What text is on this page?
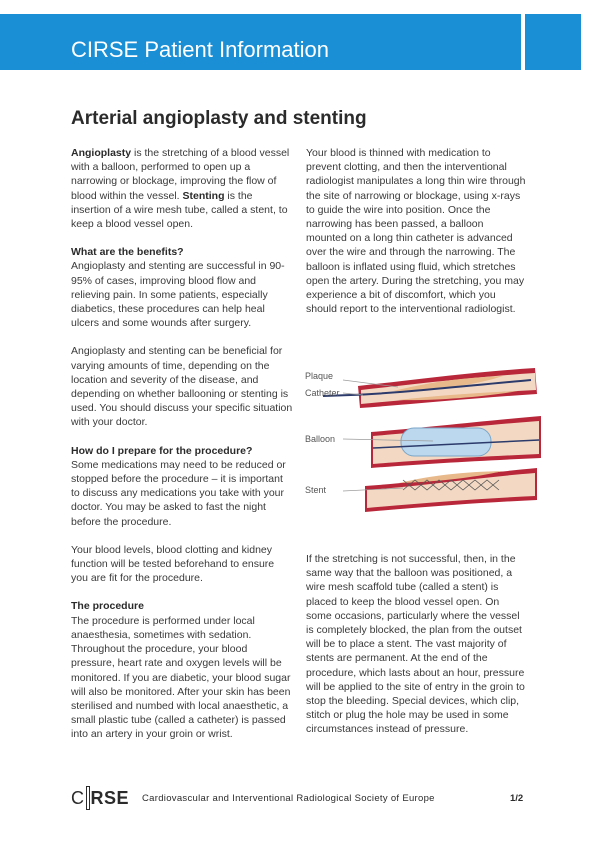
CIRSE Patient Information
Arterial angioplasty and stenting

Angioplasty is the stretching of a blood vessel with a balloon, performed to open up a narrowing or blockage, improving the flow of blood within the vessel. Stenting is the insertion of a wire mesh tube, called a stent, to keep a blood vessel open.

What are the benefits?

Angioplasty and stenting are successful in 90-95% of cases, improving blood flow and relieving pain. In some patients, especially diabetics, these procedures can help heal ulcers and some wounds after surgery.

Angioplasty and stenting can be beneficial for varying amounts of time, depending on the location and severity of the disease, and depending on whether ballooning or stenting is used. You should discuss your specific situation with your doctor.

How do I prepare for the procedure?

Some medications may need to be reduced or stopped before the procedure – it is important to discuss any medications you take with your doctor. You may be asked to fast the night before the procedure.

Your blood levels, blood clotting and kidney function will be tested beforehand to ensure you are fit for the procedure.

The procedure

The procedure is performed under local anaesthesia, sometimes with sedation. Throughout the procedure, your blood pressure, heart rate and oxygen levels will be monitored. If you are diabetic, your blood sugar will also be monitored. After your skin has been sterilised and numbed with local anaesthetic, a small plastic tube (called a catheter) is passed into an artery in your groin or wrist.

Your blood is thinned with medication to prevent clotting, and then the interventional radiologist manipulates a long thin wire through the site of narrowing or blockage, using x-rays to guide the wire into position. Once the narrowing has been passed, a balloon mounted on a long thin catheter is advanced over the wire and through the narrowing. The balloon is inflated using fluid, which stretches open the artery. During the stretching, you may experience a bit of discomfort, which you should report to the interventional radiologist.

Plaque
Catheter
Balloon
Stent

If the stretching is not successful, then, in the same way that the balloon was positioned, a wire mesh scaffold tube (called a stent) is placed to keep the blood vessel open. On some occasions, particularly where the vessel is completely blocked, the plan from the outset will be to place a stent. The vast majority of stents are permanent. At the end of the procedure, which lasts about an hour, pressure will be applied to the site of entry in the groin to stop the bleeding. Special devices, which clip, stitch or plug the hole may be used in some circumstances instead of pressure.

C RSE Cardiovascular and Interventional Radiological Society of Europe	1/2
